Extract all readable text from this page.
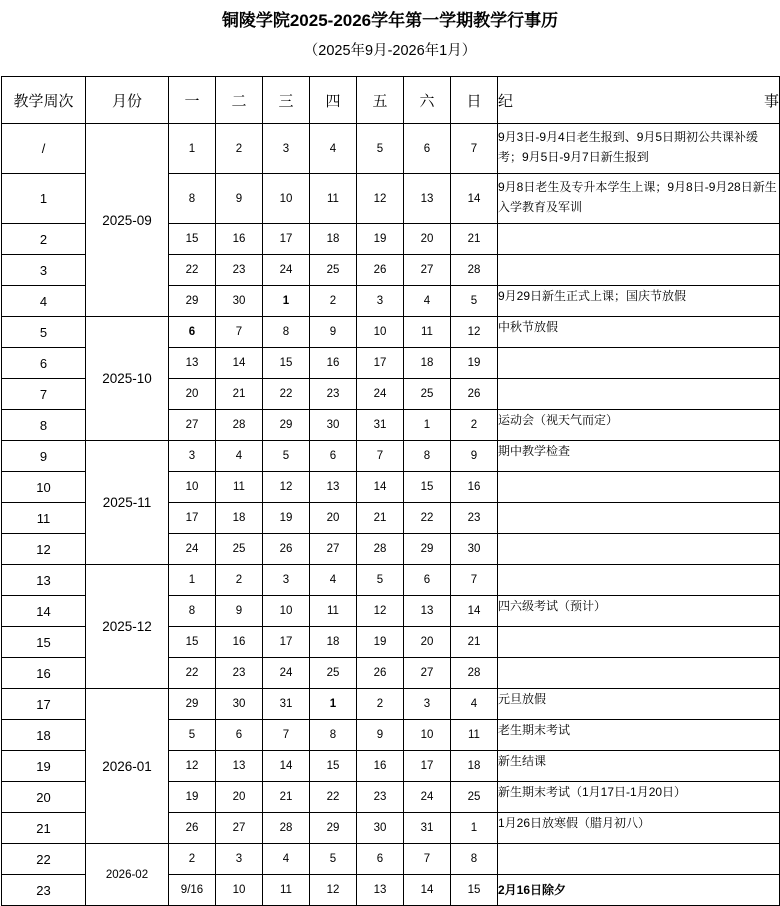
铜陵学院2025-2026学年第一学期教学行事历
（2025年9月-2026年1月）
教学周次	月份	一	二	三	四	五	六	日	纪 事

/	2025-09	1	2	3	4	5	6	7	9月3日-9月4日老生报到、9月5日期初公共课补缓考；9月5日-9月7日新生报到
1		8	9	10	11	12	13	14	9月8日老生及专升本学生上课；9月8日-9月28日新生入学教育及军训
2		15	16	17	18	19	20	21	
3		22	23	24	25	26	27	28	
4		29	30	1	2	3	4	5	9月29日新生正式上课；国庆节放假
5	2025-10	6	7	8	9	10	11	12	中秋节放假
6		13	14	15	16	17	18	19	
7		20	21	22	23	24	25	26	
8		27	28	29	30	31	1	2	运动会（视天气而定）
9	2025-11	3	4	5	6	7	8	9	期中教学检查
10		10	11	12	13	14	15	16	
11		17	18	19	20	21	22	23	
12		24	25	26	27	28	29	30	
13	2025-12	1	2	3	4	5	6	7	
14		8	9	10	11	12	13	14	四六级考试（预计）
15		15	16	17	18	19	20	21	
16		22	23	24	25	26	27	28	
17	2026-01	29	30	31	1	2	3	4	元旦放假
18		5	6	7	8	9	10	11	老生期末考试
19		12	13	14	15	16	17	18	新生结课
20		19	20	21	22	23	24	25	新生期末考试（1月17日-1月20日）
21		26	27	28	29	30	31	1	1月26日放寒假（腊月初八）
22	2026-02	2	3	4	5	6	7	8	
23		9/16	10	11	12	13	14	15	2月16日除夕
